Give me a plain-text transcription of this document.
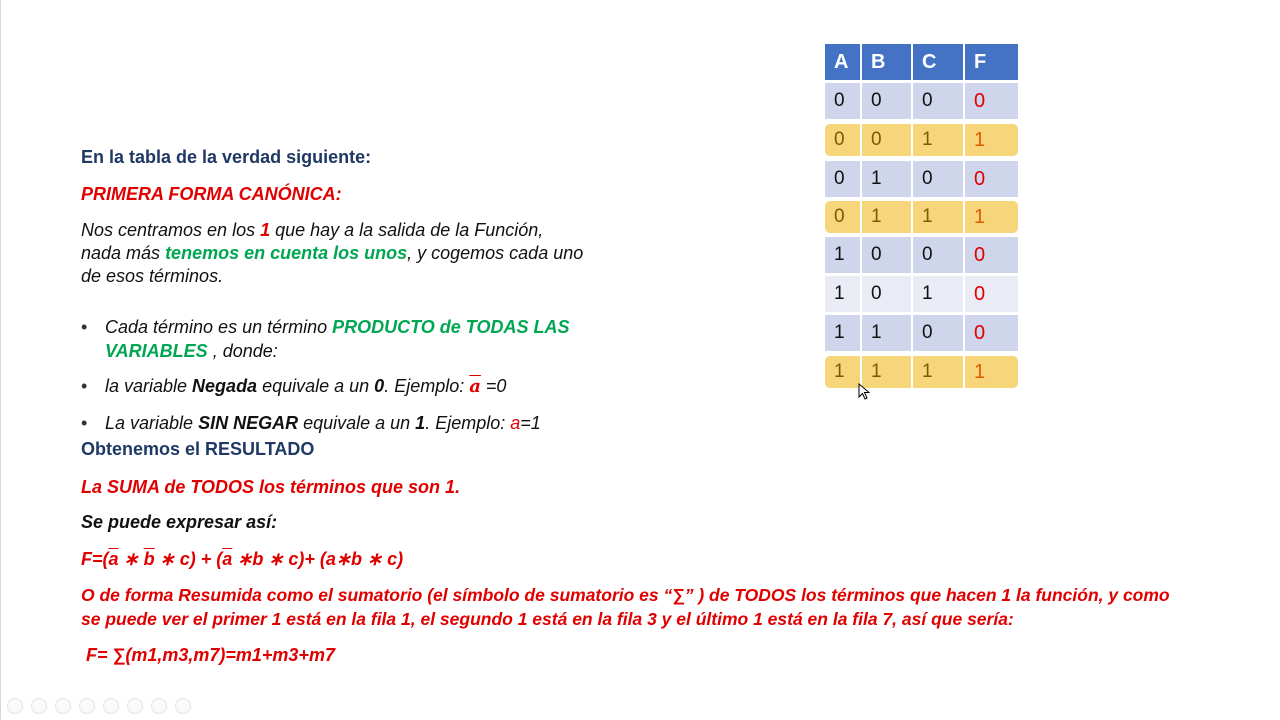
En la tabla de la verdad siguiente:
PRIMERA FORMA CANÓNICA:
Nos centramos en los 1 que hay a la salida de la Función,
nada más tenemos en cuenta los unos, y cogemos cada uno
de esos términos.
• Cada término es un término PRODUCTO de TODAS LAS
VARIABLES , donde:
• la variable Negada equivale a un 0. Ejemplo: $\overline{a} =0$
• La variable SIN NEGAR equivale a un 1. Ejemplo: a=1
Obtenemos el RESULTADO
La SUMA de TODOS los términos que son 1.
Se puede expresar así:
$F=(\overline{a}$ ∗ $\overline{b}$ ∗ $c) + (\overline{a}$ ∗b ∗ c)+ (a∗b ∗ c)
O de forma Resumida como el sumatorio (el símbolo de sumatorio es “∑” ) de TODOS los términos que hacen 1 la función, y como
se puede ver el primer 1 está en la fila 1, el segundo 1 está en la fila 3 y el último 1 está en la fila 7, así que sería:
F= ∑(m1,m3,m7)=m1+m3+m7
A	B	C	F
0	0	0	0
0	0	1	1
0	1	0	0
0	1	1	1
1	0	0	0
1	0	1	0
1	1	0	0
1	1	1	1
